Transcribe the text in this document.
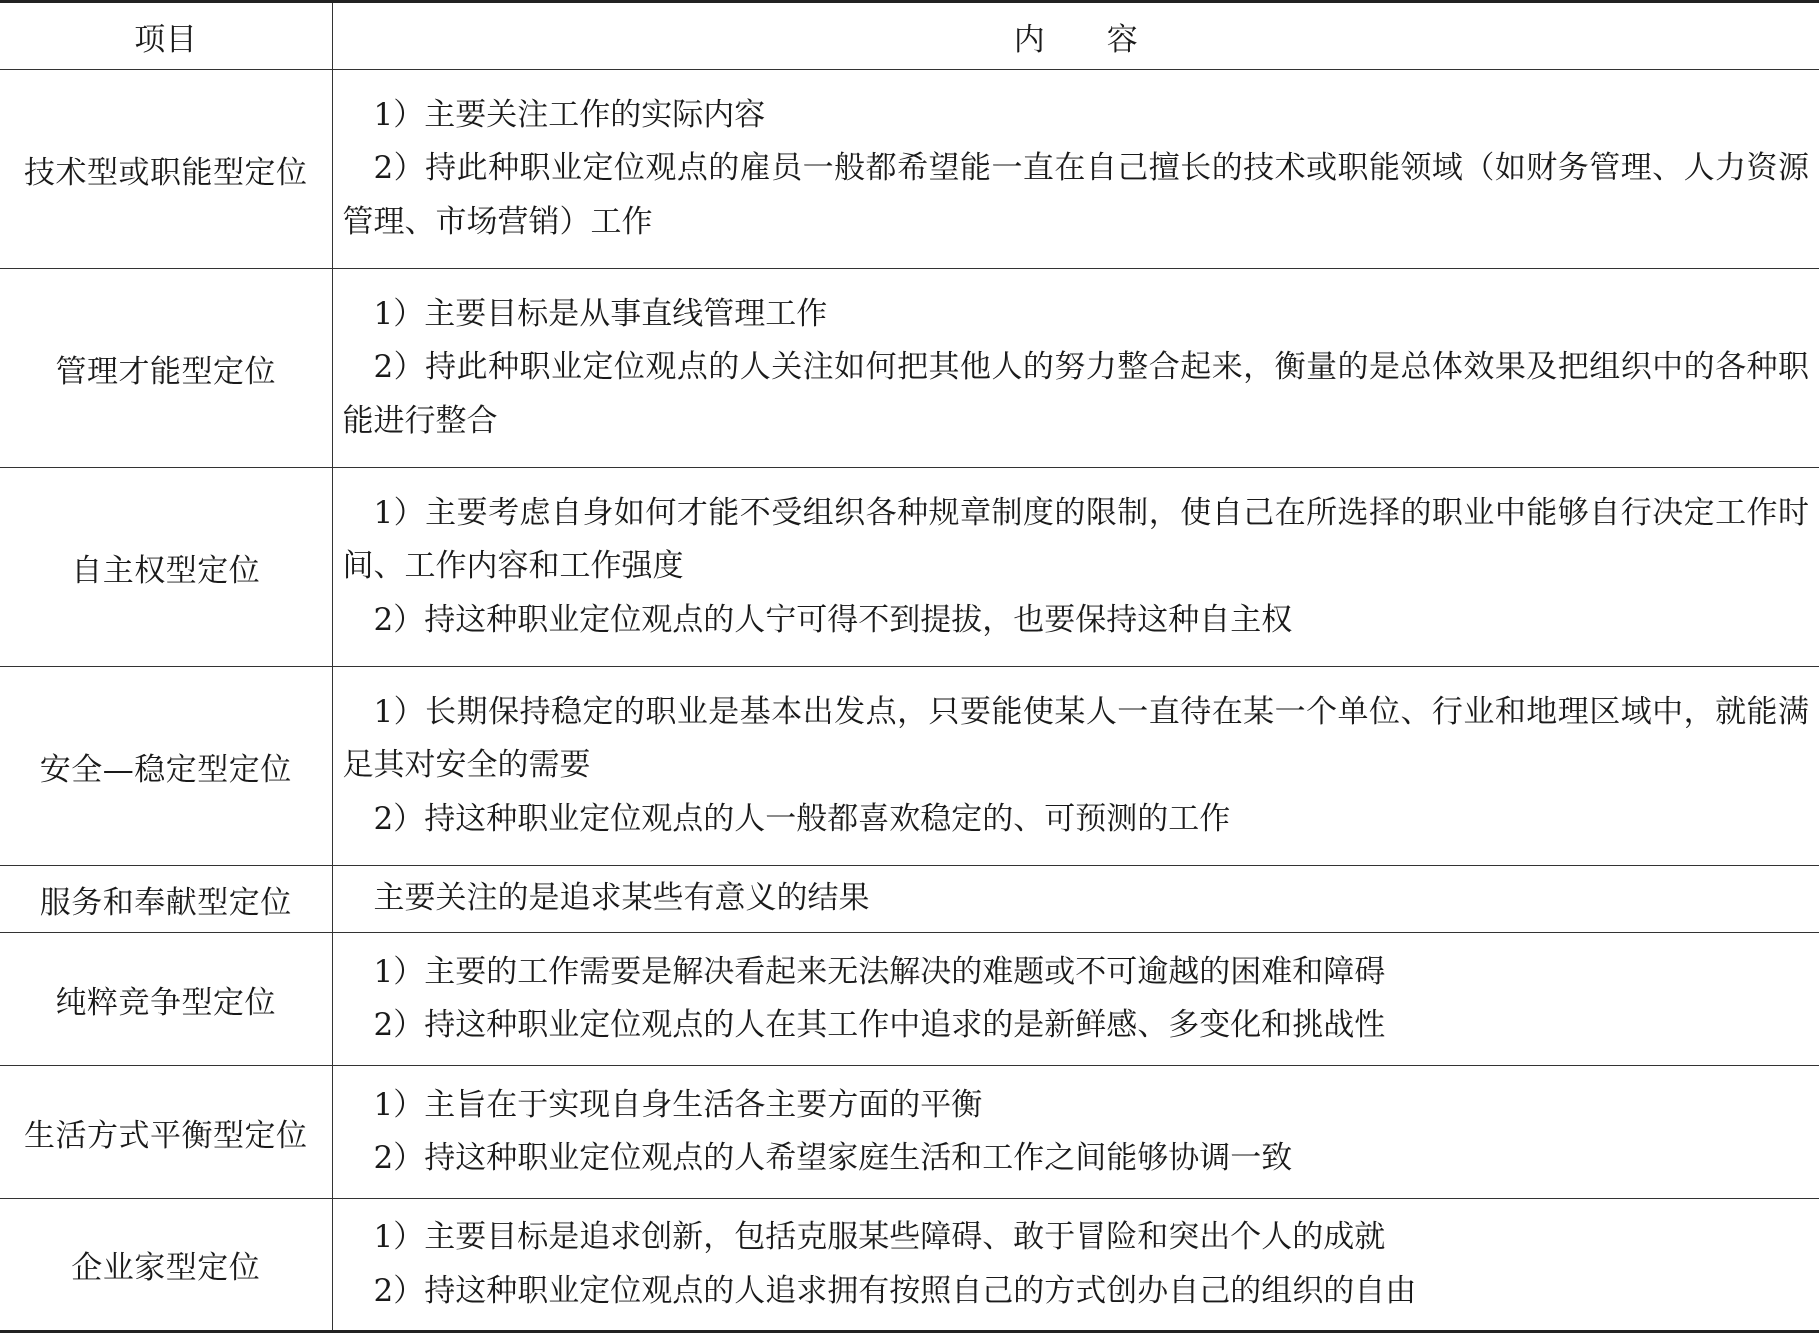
项目	内 容
技术型或职能型定位	1）主要关注工作的实际内容

2）持此种职业定位观点的雇员一般都希望能一直在自己擅长的技术或职能领域（如财务管理、人力资源管理、市场营销）工作

管理才能型定位	1）主要目标是从事直线管理工作

2）持此种职业定位观点的人关注如何把其他人的努力整合起来，衡量的是总体效果及把组织中的各种职能进行整合

自主权型定位	1）主要考虑自身如何才能不受组织各种规章制度的限制，使自己在所选择的职业中能够自行决定工作时间、工作内容和工作强度

2）持这种职业定位观点的人宁可得不到提拔，也要保持这种自主权

安全—稳定型定位	1）长期保持稳定的职业是基本出发点，只要能使某人一直待在某一个单位、行业和地理区域中，就能满足其对安全的需要

2）持这种职业定位观点的人一般都喜欢稳定的、可预测的工作

服务和奉献型定位	主要关注的是追求某些有意义的结果

纯粹竞争型定位	1）主要的工作需要是解决看起来无法解决的难题或不可逾越的困难和障碍

2）持这种职业定位观点的人在其工作中追求的是新鲜感、多变化和挑战性

生活方式平衡型定位	1）主旨在于实现自身生活各主要方面的平衡

2）持这种职业定位观点的人希望家庭生活和工作之间能够协调一致

企业家型定位	1）主要目标是追求创新，包括克服某些障碍、敢于冒险和突出个人的成就

2）持这种职业定位观点的人追求拥有按照自己的方式创办自己的组织的自由
